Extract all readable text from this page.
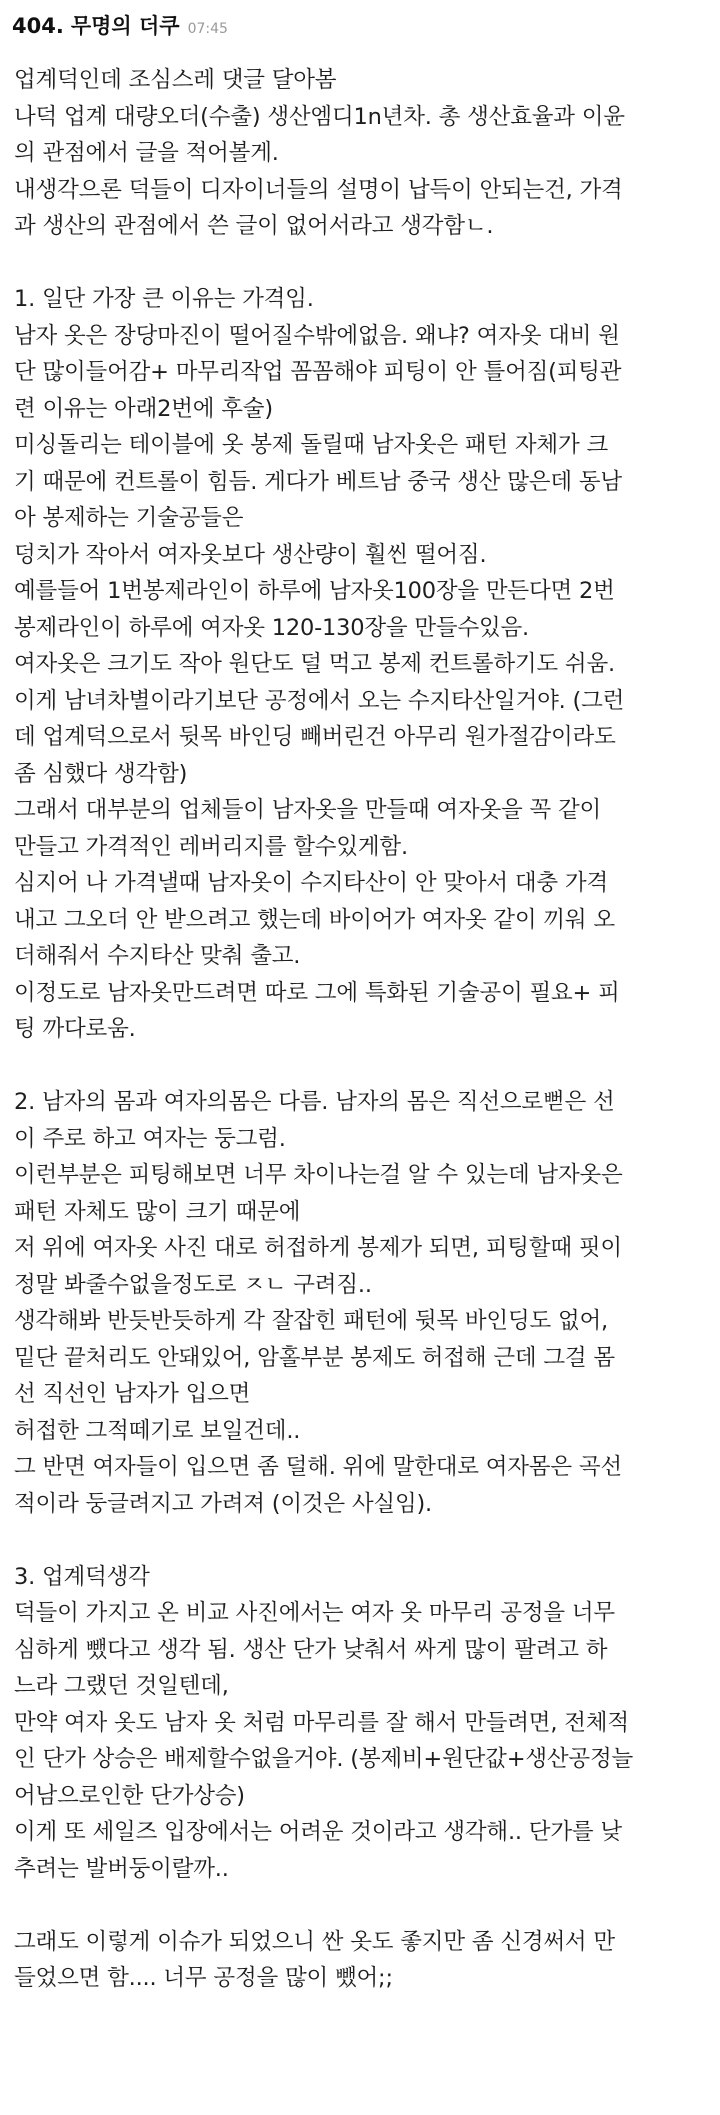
404. 무명의 더쿠 07:45
업계덕인데 조심스레 댓글 달아봄
나덕 업계 대량오더(수출) 생산엠디1n년차. 총 생산효율과 이윤
의 관점에서 글을 적어볼게.
내생각으론 덕들이 디자이너들의 설명이 납득이 안되는건, 가격
과 생산의 관점에서 쓴 글이 없어서라고 생각함ㄴ.
1. 일단 가장 큰 이유는 가격임.
남자 옷은 장당마진이 떨어질수밖에없음. 왜냐? 여자옷 대비 원
단 많이들어감+ 마무리작업 꼼꼼해야 피팅이 안 틀어짐(피팅관
련 이유는 아래2번에 후술)
미싱돌리는 테이블에 옷 봉제 돌릴때 남자옷은 패턴 자체가 크
기 때문에 컨트롤이 힘듬. 게다가 베트남 중국 생산 많은데 동남
아 봉제하는 기술공들은
덩치가 작아서 여자옷보다 생산량이 훨씬 떨어짐.
예를들어 1번봉제라인이 하루에 남자옷100장을 만든다면 2번
봉제라인이 하루에 여자옷 120-130장을 만들수있음.
여자옷은 크기도 작아 원단도 덜 먹고 봉제 컨트롤하기도 쉬움.
이게 남녀차별이라기보단 공정에서 오는 수지타산일거야. (그런
데 업계덕으로서 뒷목 바인딩 빼버린건 아무리 원가절감이라도
좀 심했다 생각함)
그래서 대부분의 업체들이 남자옷을 만들때 여자옷을 꼭 같이
만들고 가격적인 레버리지를 할수있게함.
심지어 나 가격낼때 남자옷이 수지타산이 안 맞아서 대충 가격
내고 그오더 안 받으려고 했는데 바이어가 여자옷 같이 끼워 오
더해줘서 수지타산 맞춰 출고.
이정도로 남자옷만드려면 따로 그에 특화된 기술공이 필요+ 피
팅 까다로움.
2. 남자의 몸과 여자의몸은 다름. 남자의 몸은 직선으로뻗은 선
이 주로 하고 여자는 둥그럼.
이런부분은 피팅해보면 너무 차이나는걸 알 수 있는데 남자옷은
패턴 자체도 많이 크기 때문에
저 위에 여자옷 사진 대로 허접하게 봉제가 되면, 피팅할때 핏이
정말 봐줄수없을정도로 ㅈㄴ 구려짐..
생각해봐 반듯반듯하게 각 잘잡힌 패턴에 뒷목 바인딩도 없어,
밑단 끝처리도 안돼있어, 암홀부분 봉제도 허접해 근데 그걸 몸
선 직선인 남자가 입으면
허접한 그적떼기로 보일건데..
그 반면 여자들이 입으면 좀 덜해. 위에 말한대로 여자몸은 곡선
적이라 둥글려지고 가려져 (이것은 사실임).
3. 업계덕생각
덕들이 가지고 온 비교 사진에서는 여자 옷 마무리 공정을 너무
심하게 뺐다고 생각 됨. 생산 단가 낮춰서 싸게 많이 팔려고 하
느라 그랬던 것일텐데,
만약 여자 옷도 남자 옷 처럼 마무리를 잘 해서 만들려면, 전체적
인 단가 상승은 배제할수없을거야. (봉제비+원단값+생산공정늘
어남으로인한 단가상승)
이게 또 세일즈 입장에서는 어려운 것이라고 생각해.. 단가를 낮
추려는 발버둥이랄까..
그래도 이렇게 이슈가 되었으니 싼 옷도 좋지만 좀 신경써서 만
들었으면 함.... 너무 공정을 많이 뺐어;;
